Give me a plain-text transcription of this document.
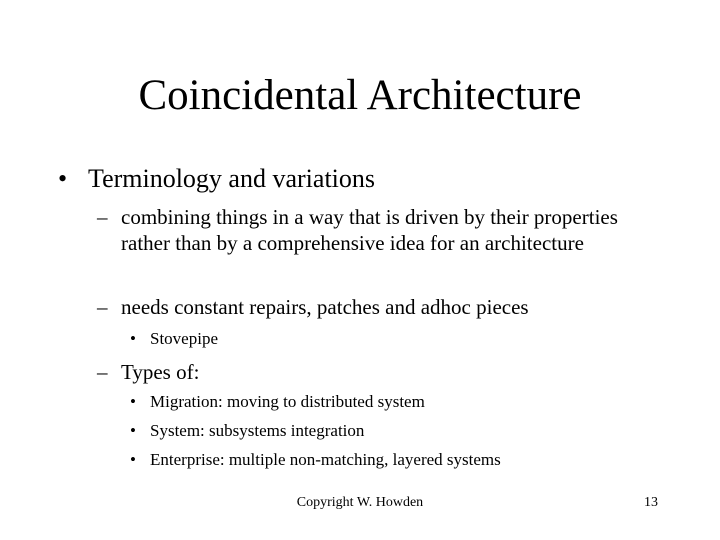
Coincidental Architecture
• Terminology and variations
– combining things in a way that is driven by their properties rather than by a comprehensive idea for an architecture
– needs constant repairs, patches and adhoc pieces
• Stovepipe
– Types of:
• Migration: moving to distributed system
• System: subsystems integration
• Enterprise: multiple non-matching, layered systems
Copyright W. Howden	13
